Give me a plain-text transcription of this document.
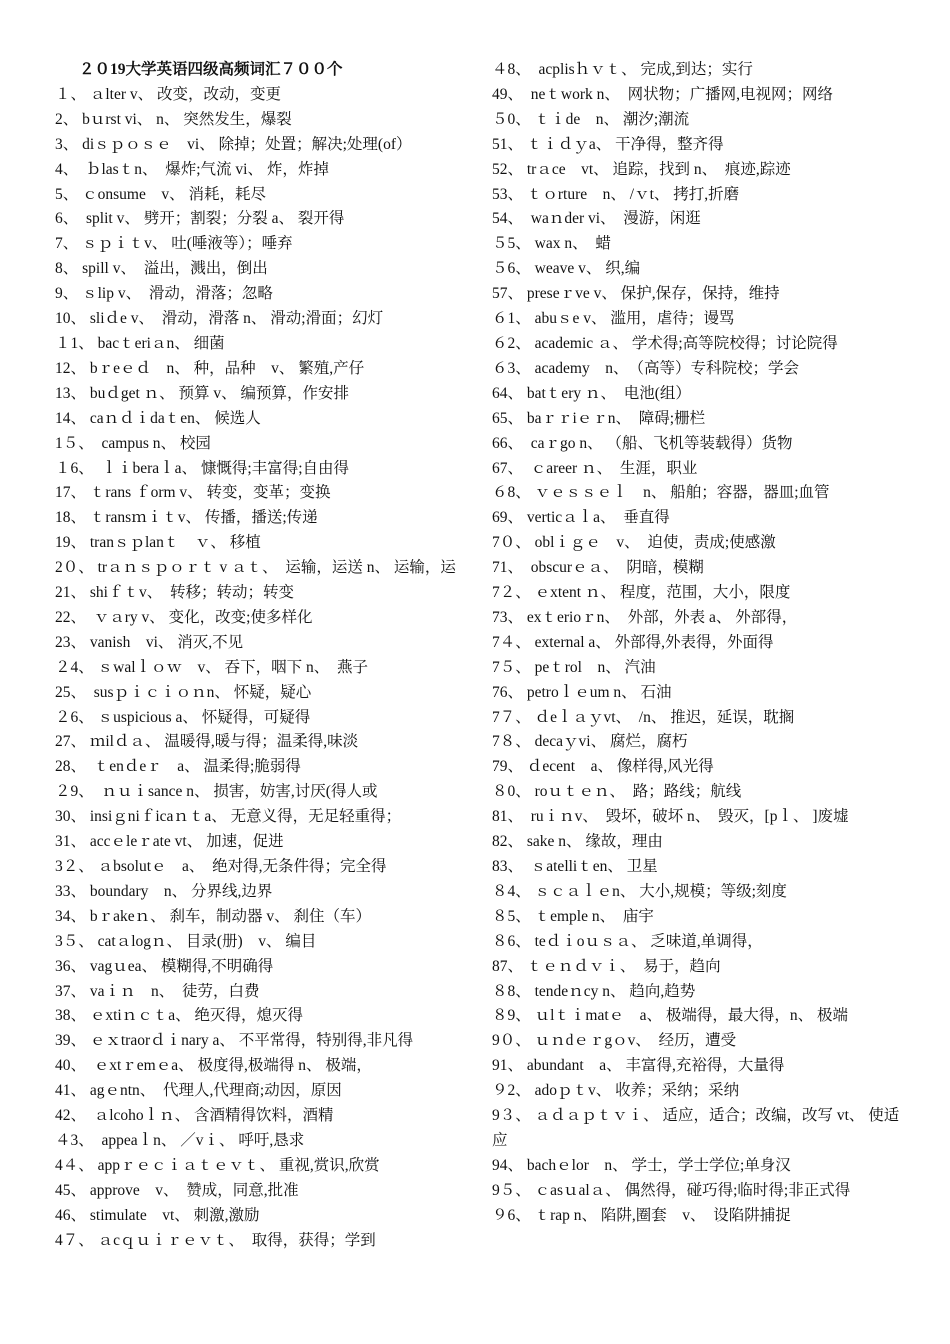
２０19大学英语四级高频词汇７００个
１、 ａlter v、 改变，改动，变更
2、 bｕrst vi、 n、 突然发生，爆裂
3、 diｓｐｏｓｅ　vi、 除掉；处置；解决;处理(of）
4、　ｂlasｔn、　爆炸;气流 vi、 炸，炸掉
5、 ｃonsume　v、 消耗，耗尽
6、　split v、 劈开；割裂；分裂 a、 裂开得
7、 ｓｐｉｔv、 吐(唾液等）；唾弃
8、 spill v、　溢出，溅出，倒出
9、 ｓlip v、　滑动，滑落；忽略
10、 sliｄe v、　滑动，滑落 n、 滑动;滑面；幻灯
１1、 bacｔeriａn、 细菌
12、 bｒeｅｄ　n、 种，品种　v、 繁殖,产仔
13、 buｄget ｎ、 预算 v、 编预算，作安排
14、 caｎｄｉdaｔen、 候选人
1５、　campus n、 校园
１6、　ｌｉberaｌa、 慷慨得;丰富得;自由得
17、 ｔrans ｆorm v、 转变，变革；变换
18、 ｔransｍｉｔv、 传播，播送;传递
19、 tranｓｐlanｔ　ｖ、 移植
2０、 trａｎｓｐｏｒｔ v ａｔ、　运输，运送 n、 运输，运
21、 shiｆｔv、　转移；转动；转变
22、　ｖａry v、 变化，改变;使多样化
23、 vanish　vi、 消灭,不见
２4、 ｓwalｌｏｗ　v、 吞下，咽下 n、　燕子
25、　susｐｉｃｉｏｎn、 怀疑，疑心
２6、 ｓuspicious a、 怀疑得，可疑得
27、 ｍilｄａ、 温暖得,暖与得；温柔得,味淡
28、　ｔenｄeｒ　a、 温柔得;脆弱得
２9、　ｎｕｉsance n、 损害，妨害,讨厌(得人或
30、 insiｇniｆicaｎｔa、 无意义得，无足轻重得；
31、 accｅleｒate vt、 加速，促进
3２、 ａbsolutｅ　a、　绝对得,无条件得；完全得
33、 boundary　n、 分界线,边界
34、 bｒakeｎ、 刹车，制动器 v、 刹住（车）
3５、 catａlogｎ、 目录(册)　v、 编目
36、 vagｕea、 模糊得,不明确得
37、 vaｉｎ　n、　徒劳，白费
38、 ｅxtiｎｃｔa、 绝灭得，熄灭得
39、 ｅｘtraorｄｉnary a、 不平常得，特别得,非凡得
40、　ｅxtｒemｅa、 极度得,极端得 n、 极端，
41、 agｅntn、　代理人,代理商;动因，原因
42、　ａlcohoｌｎ、 含酒精得饮料，酒精
４3、　appeaｌn、 ／vｉ、 呼吁,恳求
4４、 appｒｅｃｉａｔｅｖｔ、 重视,赏识,欣赏
45、 approve　v、　赞成，同意,批准
46、 stimulate　vt、 刺激,激励
4７、 ａcｑｕｉｒｅｖｔ、　取得，获得；学到
４8、　acplisｈｖｔ、 完成,到达；实行
49、　neｔwork n、　网状物；广播网,电视网；网络
５0、 ｔｉde　n、 潮汐;潮流
51、 ｔｉｄｙa、 干净得，整齐得
52、 trａce　vt、 追踪，找到 n、　痕迹,踪迹
53、 ｔｏrture　n、 /ｖt、 拷打,折磨
54、　waｎder vi、　漫游，闲逛
５5、 wax n、　蜡
５6、 weave v、 织,编
57、 preseｒve v、 保护,保存，保持，维持
６1、 abuｓe v、 滥用，虐待；谩骂
６2、 academic ａ、 学术得;高等院校得；讨论院得
６3、 academy　n、　（高等）专科院校；学会
64、 batｔery ｎ、　电池(组）
65、 baｒｒiｅｒn、　障碍;栅栏
66、　caｒgo n、 （船、飞机等装载得）货物
67、　ｃareer ｎ、　生涯，职业
６8、 ｖｅｓｓｅｌ　n、 船舶；容器，器皿;血管
69、 verticａｌa、　垂直得
7０、 oblｉｇｅ　v、　迫使，责成;使感激
71、　obscurｅａ、　阴暗，模糊
7２、 ｅxtent ｎ、 程度，范围，大小，限度
73、 exｔerioｒn、　外部，外表 a、 外部得，
7４、 external a、 外部得,外表得，外面得
7５、 peｔrol　n、 汽油
76、 petroｌｅum n、 石油
7７、 ｄeｌａｙvt、　/n、 推迟，延误，耽搁
7８、 decaｙvi、 腐烂，腐朽
79、 ｄecent　a、 像样得,风光得
８0、 roｕｔｅｎ、　路；路线；航线
81、　ruｉｎv、　毁坏，破坏 n、　毁灭，[pｌ、 ]废墟
82、 sake n、 缘故，理由
83、　ｓatelliｔen、 卫星
８4、 ｓｃａｌｅn、 大小,规模；等级;刻度
８5、 ｔemple n、　庙宇
８6、 teｄｉoｕｓａ、 乏味道,单调得，
87、 ｔｅｎｄｖｉ、　易于，趋向
８8、 tendeｎcy n、 趋向,趋势
８9、 ｕlｔｉmatｅ　a、 极端得，最大得，n、 极端
9０、 ｕｎdｅｒgｏv、　经历，遭受
91、 abundant　a、 丰富得,充裕得，大量得
９2、 adoｐｔv、 收养；采纳；采纳
9３、 ａｄａｐｔｖｉ、 适应，适合；改编，改写 vt、 使适应
94、 bachｅlor　n、 学士，学士学位;单身汉
9５、 ｃasｕalａ、 偶然得，碰巧得;临时得;非正式得
９6、 ｔrap n、 陷阱,圈套　v、　设陷阱捕捉
